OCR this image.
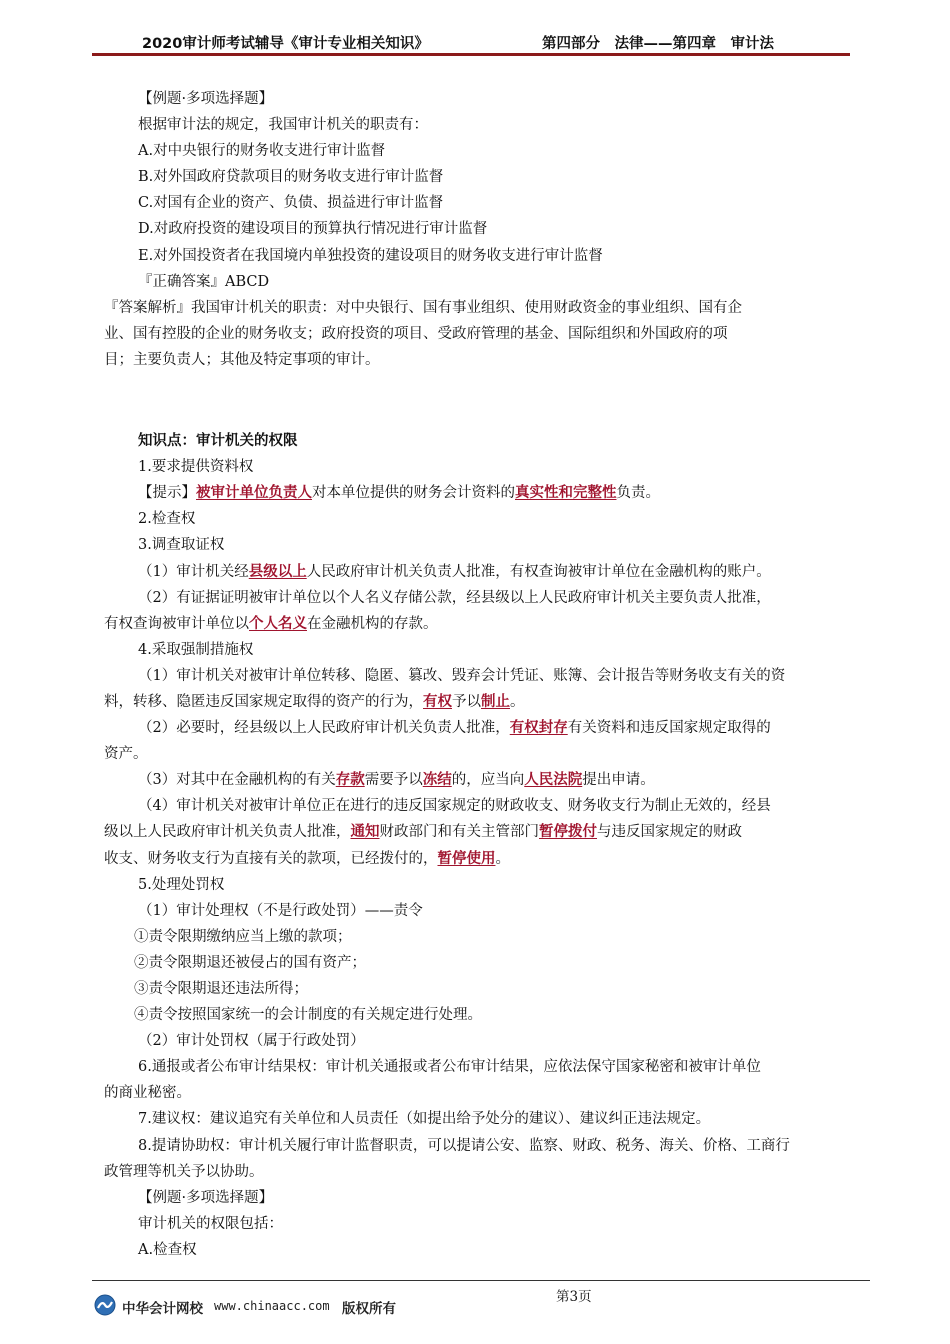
2020审计师考试辅导《审计专业相关知识》	第四部分　法律——第四章　审计法
【例题·多项选择题】
根据审计法的规定，我国审计机关的职责有：
A.对中央银行的财务收支进行审计监督
B.对外国政府贷款项目的财务收支进行审计监督
C.对国有企业的资产、负债、损益进行审计监督
D.对政府投资的建设项目的预算执行情况进行审计监督
E.对外国投资者在我国境内单独投资的建设项目的财务收支进行审计监督
『正确答案』ABCD
『答案解析』我国审计机关的职责：对中央银行、国有事业组织、使用财政资金的事业组织、国有企
业、国有控股的企业的财务收支；政府投资的项目、受政府管理的基金、国际组织和外国政府的项
目；主要负责人；其他及特定事项的审计。
知识点：审计机关的权限
1.要求提供资料权
【提示】被审计单位负责人对本单位提供的财务会计资料的真实性和完整性负责。
2.检查权
3.调查取证权
（1）审计机关经县级以上人民政府审计机关负责人批准，有权查询被审计单位在金融机构的账户。
（2）有证据证明被审计单位以个人名义存储公款，经县级以上人民政府审计机关主要负责人批准，
有权查询被审计单位以个人名义在金融机构的存款。
4.采取强制措施权
（1）审计机关对被审计单位转移、隐匿、篡改、毁弃会计凭证、账簿、会计报告等财务收支有关的资
料，转移、隐匿违反国家规定取得的资产的行为，有权予以制止。
（2）必要时，经县级以上人民政府审计机关负责人批准，有权封存有关资料和违反国家规定取得的
资产。
（3）对其中在金融机构的有关存款需要予以冻结的，应当向人民法院提出申请。
（4）审计机关对被审计单位正在进行的违反国家规定的财政收支、财务收支行为制止无效的，经县
级以上人民政府审计机关负责人批准，通知财政部门和有关主管部门暂停拨付与违反国家规定的财政
收支、财务收支行为直接有关的款项，已经拨付的，暂停使用。
5.处理处罚权
（1）审计处理权（不是行政处罚）——责令
①责令限期缴纳应当上缴的款项；
②责令限期退还被侵占的国有资产；
③责令限期退还违法所得；
④责令按照国家统一的会计制度的有关规定进行处理。
（2）审计处罚权（属于行政处罚）
6.通报或者公布审计结果权：审计机关通报或者公布审计结果，应依法保守国家秘密和被审计单位
的商业秘密。
7.建议权：建议追究有关单位和人员责任（如提出给予处分的建议）、建议纠正违法规定。
8.提请协助权：审计机关履行审计监督职责，可以提请公安、监察、财政、税务、海关、价格、工商行
政管理等机关予以协助。
【例题·多项选择题】
审计机关的权限包括：
A.检查权
第3页
中华会计网校 www.chinaacc.com 版权所有
